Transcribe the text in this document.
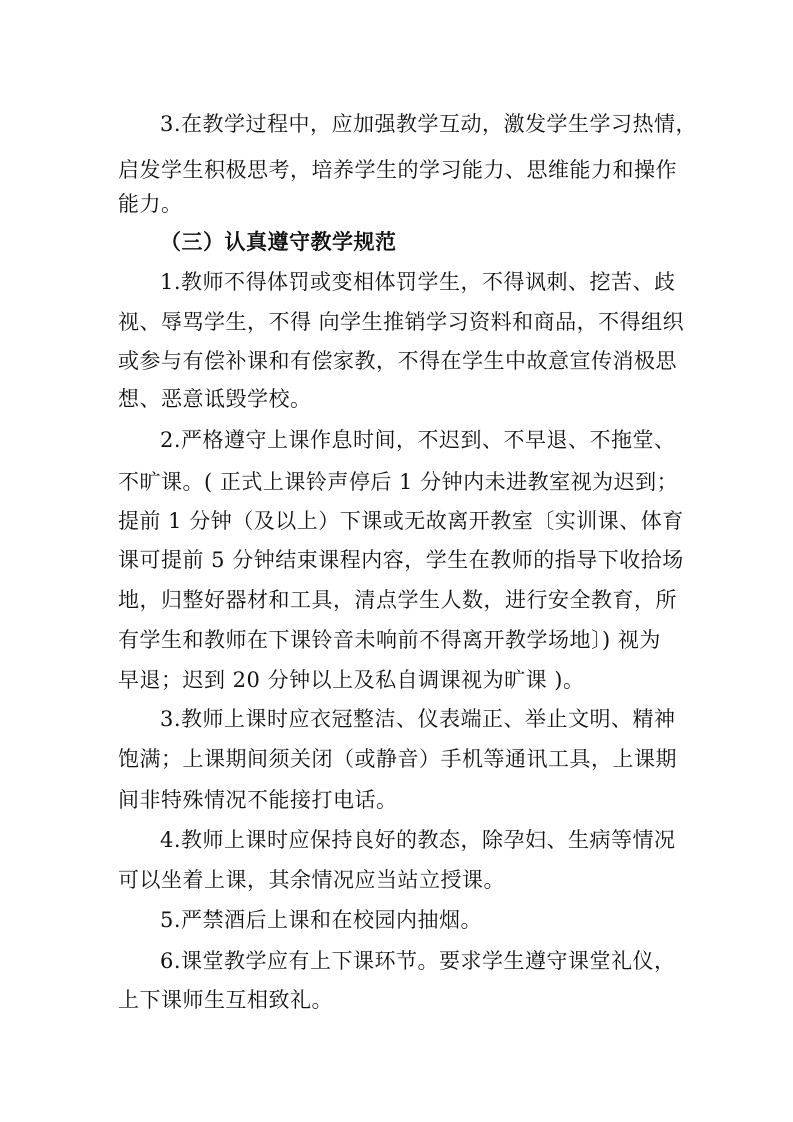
3.在教学过程中，应加强教学互动，激发学生学习热情，
启发学生积极思考，培养学生的学习能力、思维能力和操作
能力。
（三）认真遵守教学规范
1.教师不得体罚或变相体罚学生，不得讽刺、挖苦、歧
视、辱骂学生，不得 向学生推销学习资料和商品，不得组织
或参与有偿补课和有偿家教，不得在学生中故意宣传消极思
想、恶意诋毁学校。
2.严格遵守上课作息时间，不迟到、不早退、不拖堂、
不旷课。( 正式上课铃声停后 1 分钟内未进教室视为迟到；
提前 1 分钟（及以上）下课或无故离开教室〔实训课、体育
课可提前 5 分钟结束课程内容，学生在教师的指导下收拾场
地，归整好器材和工具，清点学生人数，进行安全教育，所
有学生和教师在下课铃音未响前不得离开教学场地〕) 视为
早退；迟到 20 分钟以上及私自调课视为旷课 )。
3.教师上课时应衣冠整洁、仪表端正、举止文明、精神
饱满；上课期间须关闭（或静音）手机等通讯工具，上课期
间非特殊情况不能接打电话。
4.教师上课时应保持良好的教态，除孕妇、生病等情况
可以坐着上课，其余情况应当站立授课。
5.严禁酒后上课和在校园内抽烟。
6.课堂教学应有上下课环节。要求学生遵守课堂礼仪，
上下课师生互相致礼。
